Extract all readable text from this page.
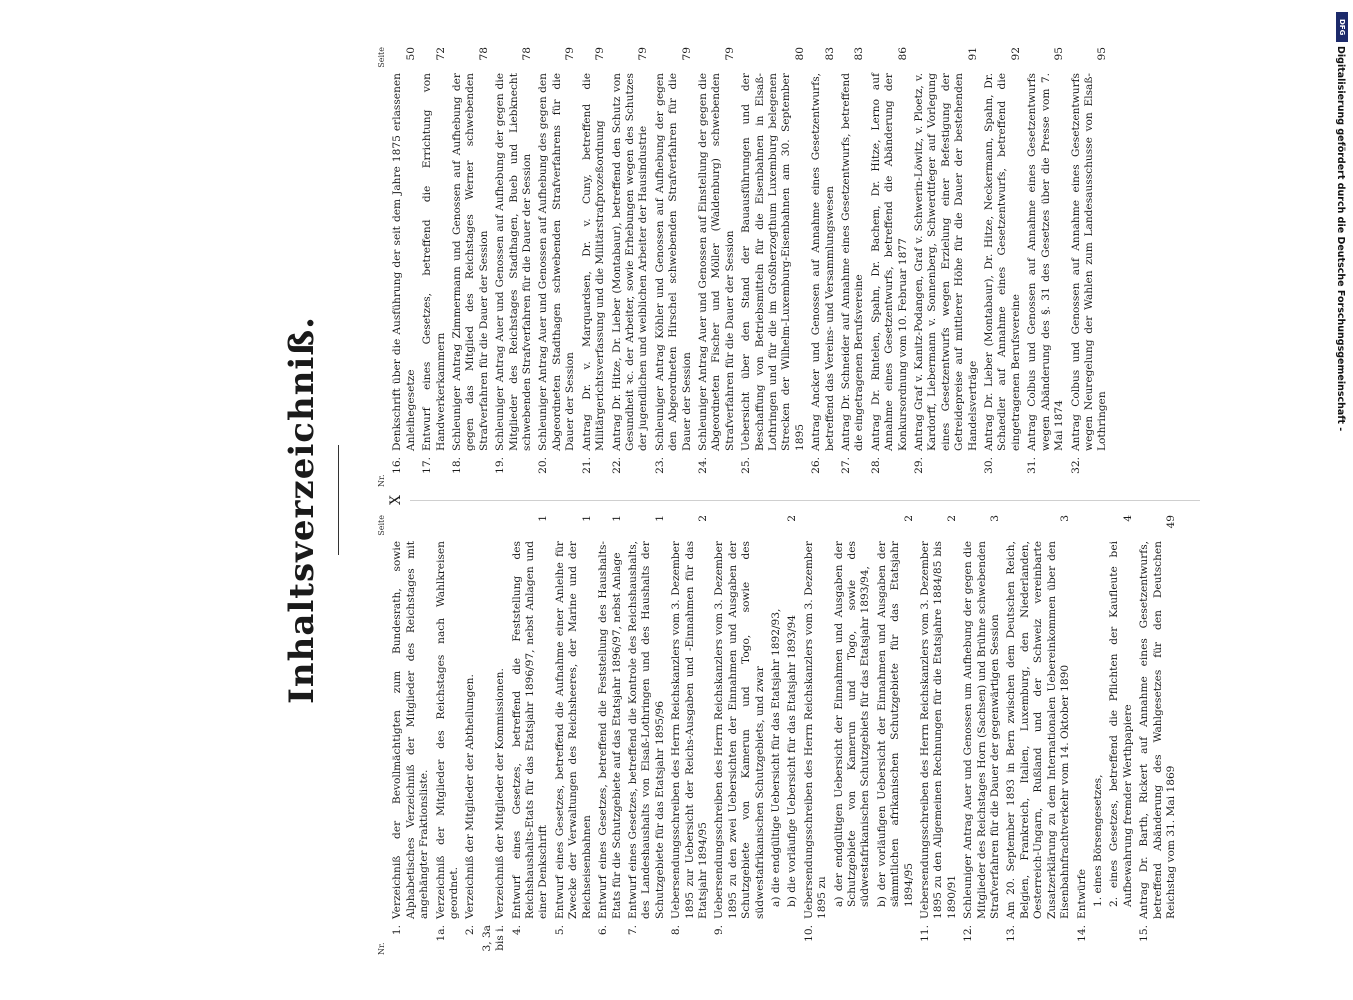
Inhaltsverzeichniß.
Nr.
Seite
1.
Verzeichniß der Bevollmächtigten zum Bundesrath, sowie Alphabetisches Verzeichniß der Mitglieder des Reichstages mit angehängter Fraktionsliste.
1a.
Verzeichniß der Mitglieder des Reichstages nach Wahlkreisen geordnet.
2.
Verzeichniß der Mitglieder der Abtheilungen.
3, 3a bis i.
Verzeichniß der Mitglieder der Kommissionen.
4.
Entwurf eines Gesetzes, betreffend die Feststellung des Reichshaushalts-Etats für das Etatsjahr 1896/97, nebst Anlagen und einer Denkschrift
1
5.
Entwurf eines Gesetzes, betreffend die Aufnahme einer Anleihe für Zwecke der Verwaltungen des Reichsheeres, der Marine und der Reichseisenbahnen
1
6.
Entwurf eines Gesetzes, betreffend die Feststellung des Haushalts-Etats für die Schutzgebiete auf das Etatsjahr 1896/97, nebst Anlage
1
7.
Entwurf eines Gesetzes, betreffend die Kontrole des Reichshaushalts, des Landeshaushalts von Elsaß-Lothringen und des Haushalts der Schutzgebiete für das Etatsjahr 1895/96
1
8.
Uebersendungsschreiben des Herrn Reichskanzlers vom 3. Dezember 1895 zur Uebersicht der Reichs-Ausgaben und -Einnahmen für das Etatsjahr 1894/95
2
9.
Uebersendungsschreiben des Herrn Reichskanzlers vom 3. Dezember 1895 zu den zwei Uebersichten der Einnahmen und Ausgaben der Schutzgebiete von Kamerun und Togo, sowie des südwestafrikanischen Schutzgebiets, und zwar a) die endgültige Uebersicht für das Etatsjahr 1892/93, b) die vorläufige Uebersicht für das Etatsjahr 1893/94
2
10.
Uebersendungsschreiben des Herrn Reichskanzlers vom 3. Dezember 1895 zu a) der endgültigen Uebersicht der Einnahmen und Ausgaben der Schutzgebiete von Kamerun und Togo, sowie des südwestafrikanischen Schutzgebiets für das Etatsjahr 1893/94, b) der vorläufigen Uebersicht der Einnahmen und Ausgaben der sämmtlichen afrikanischen Schutzgebiete für das Etatsjahr 1894/95
2
11.
Uebersendungsschreiben des Herrn Reichskanzlers vom 3. Dezember 1895 zu den Allgemeinen Rechnungen für die Etatsjahre 1884/85 bis 1890/91
2
12.
Schleuniger Antrag Auer und Genossen um Aufhebung der gegen die Mitglieder des Reichstages Horn (Sachsen) und Brühne schwebenden Strafverfahren für die Dauer der gegenwärtigen Session
3
13.
Am 20. September 1893 in Bern zwischen dem Deutschen Reich, Belgien, Frankreich, Italien, Luxemburg, den Niederlanden, Oesterreich-Ungarn, Rußland und der Schweiz vereinbarte Zusatzerklärung zu dem Internationalen Uebereinkommen über den Eisenbahnfrachtverkehr vom 14. Oktober 1890
3
14.
Entwürfe 1. eines Börsengesetzes, 2. eines Gesetzes, betreffend die Pflichten der Kaufleute bei Aufbewahrung fremder Werthpapiere
4
15.
Antrag Dr. Barth, Rickert auf Annahme eines Gesetzentwurfs, betreffend Abänderung des Wahlgesetzes für den Deutschen Reichstag vom 31. Mai 1869
49
Nr.
Seite
16.
Denkschrift über die Ausführung der seit dem Jahre 1875 erlassenen Anleihegesetze
50
17.
Entwurf eines Gesetzes, betreffend die Errichtung von Handwerkerkammern
72
18.
Schleuniger Antrag Zimmermann und Genossen auf Aufhebung der gegen das Mitglied des Reichstages Werner schwebenden Strafverfahren für die Dauer der Session
78
19.
Schleuniger Antrag Auer und Genossen auf Aufhebung der gegen die Mitglieder des Reichstages Stadthagen, Bueb und Liebknecht schwebenden Strafverfahren für die Dauer der Session
78
20.
Schleuniger Antrag Auer und Genossen auf Aufhebung des gegen den Abgeordneten Stadthagen schwebenden Strafverfahrens für die Dauer der Session
79
21.
Antrag Dr. v. Marquardsen, Dr. v. Cuny, betreffend die Militärgerichtsverfassung und die Militärstrafprozeßordnung
79
22.
Antrag Dr. Hitze, Dr. Lieber (Montabaur), betreffend den Schutz von Gesundheit ꝛc. der Arbeiter, sowie Erhebungen wegen des Schutzes der jugendlichen und weiblichen Arbeiter der Hausindustrie
79
23.
Schleuniger Antrag Köhler und Genossen auf Aufhebung der gegen den Abgeordneten Hirschel schwebenden Strafverfahren für die Dauer der Session
79
24.
Schleuniger Antrag Auer und Genossen auf Einstellung der gegen die Abgeordneten Fischer und Möller (Waldenburg) schwebenden Strafverfahren für die Dauer der Session
79
25.
Uebersicht über den Stand der Bauausführungen und der Beschaffung von Betriebsmitteln für die Eisenbahnen in Elsaß-Lothringen und für die im Großherzogthum Luxemburg belegenen Strecken der Wilhelm-Luxemburg-Eisenbahnen am 30. September 1895
80
26.
Antrag Ancker und Genossen auf Annahme eines Gesetzentwurfs, betreffend das Vereins- und Versammlungswesen
83
27.
Antrag Dr. Schneider auf Annahme eines Gesetzentwurfs, betreffend die eingetragenen Berufsvereine
83
28.
Antrag Dr. Rintelen, Spahn, Dr. Bachem, Dr. Hitze, Lerno auf Annahme eines Gesetzentwurfs, betreffend die Abänderung der Konkursordnung vom 10. Februar 1877
86
29.
Antrag Graf v. Kanitz-Podangen, Graf v. Schwerin-Löwitz, v. Ploetz, v. Kardorff, Liebermann v. Sonnenberg, Schwerdtfeger auf Vorlegung eines Gesetzentwurfs wegen Erzielung einer Befestigung der Getreidepreise auf mittlerer Höhe für die Dauer der bestehenden Handelsverträge
91
30.
Antrag Dr. Lieber (Montabaur), Dr. Hitze, Neckermann, Spahn, Dr. Schaedler auf Annahme eines Gesetzentwurfs, betreffend die eingetragenen Berufsvereine
92
31.
Antrag Colbus und Genossen auf Annahme eines Gesetzentwurfs wegen Abänderung des §. 31 des Gesetzes über die Presse vom 7. Mai 1874
95
32.
Antrag Colbus und Genossen auf Annahme eines Gesetzentwurfs wegen Neuregelung der Wahlen zum Landesausschusse von Elsaß-Lothringen
95
X
DFG
Digitalisierung gefördert durch die Deutsche Forschungsgemeinschaft -
